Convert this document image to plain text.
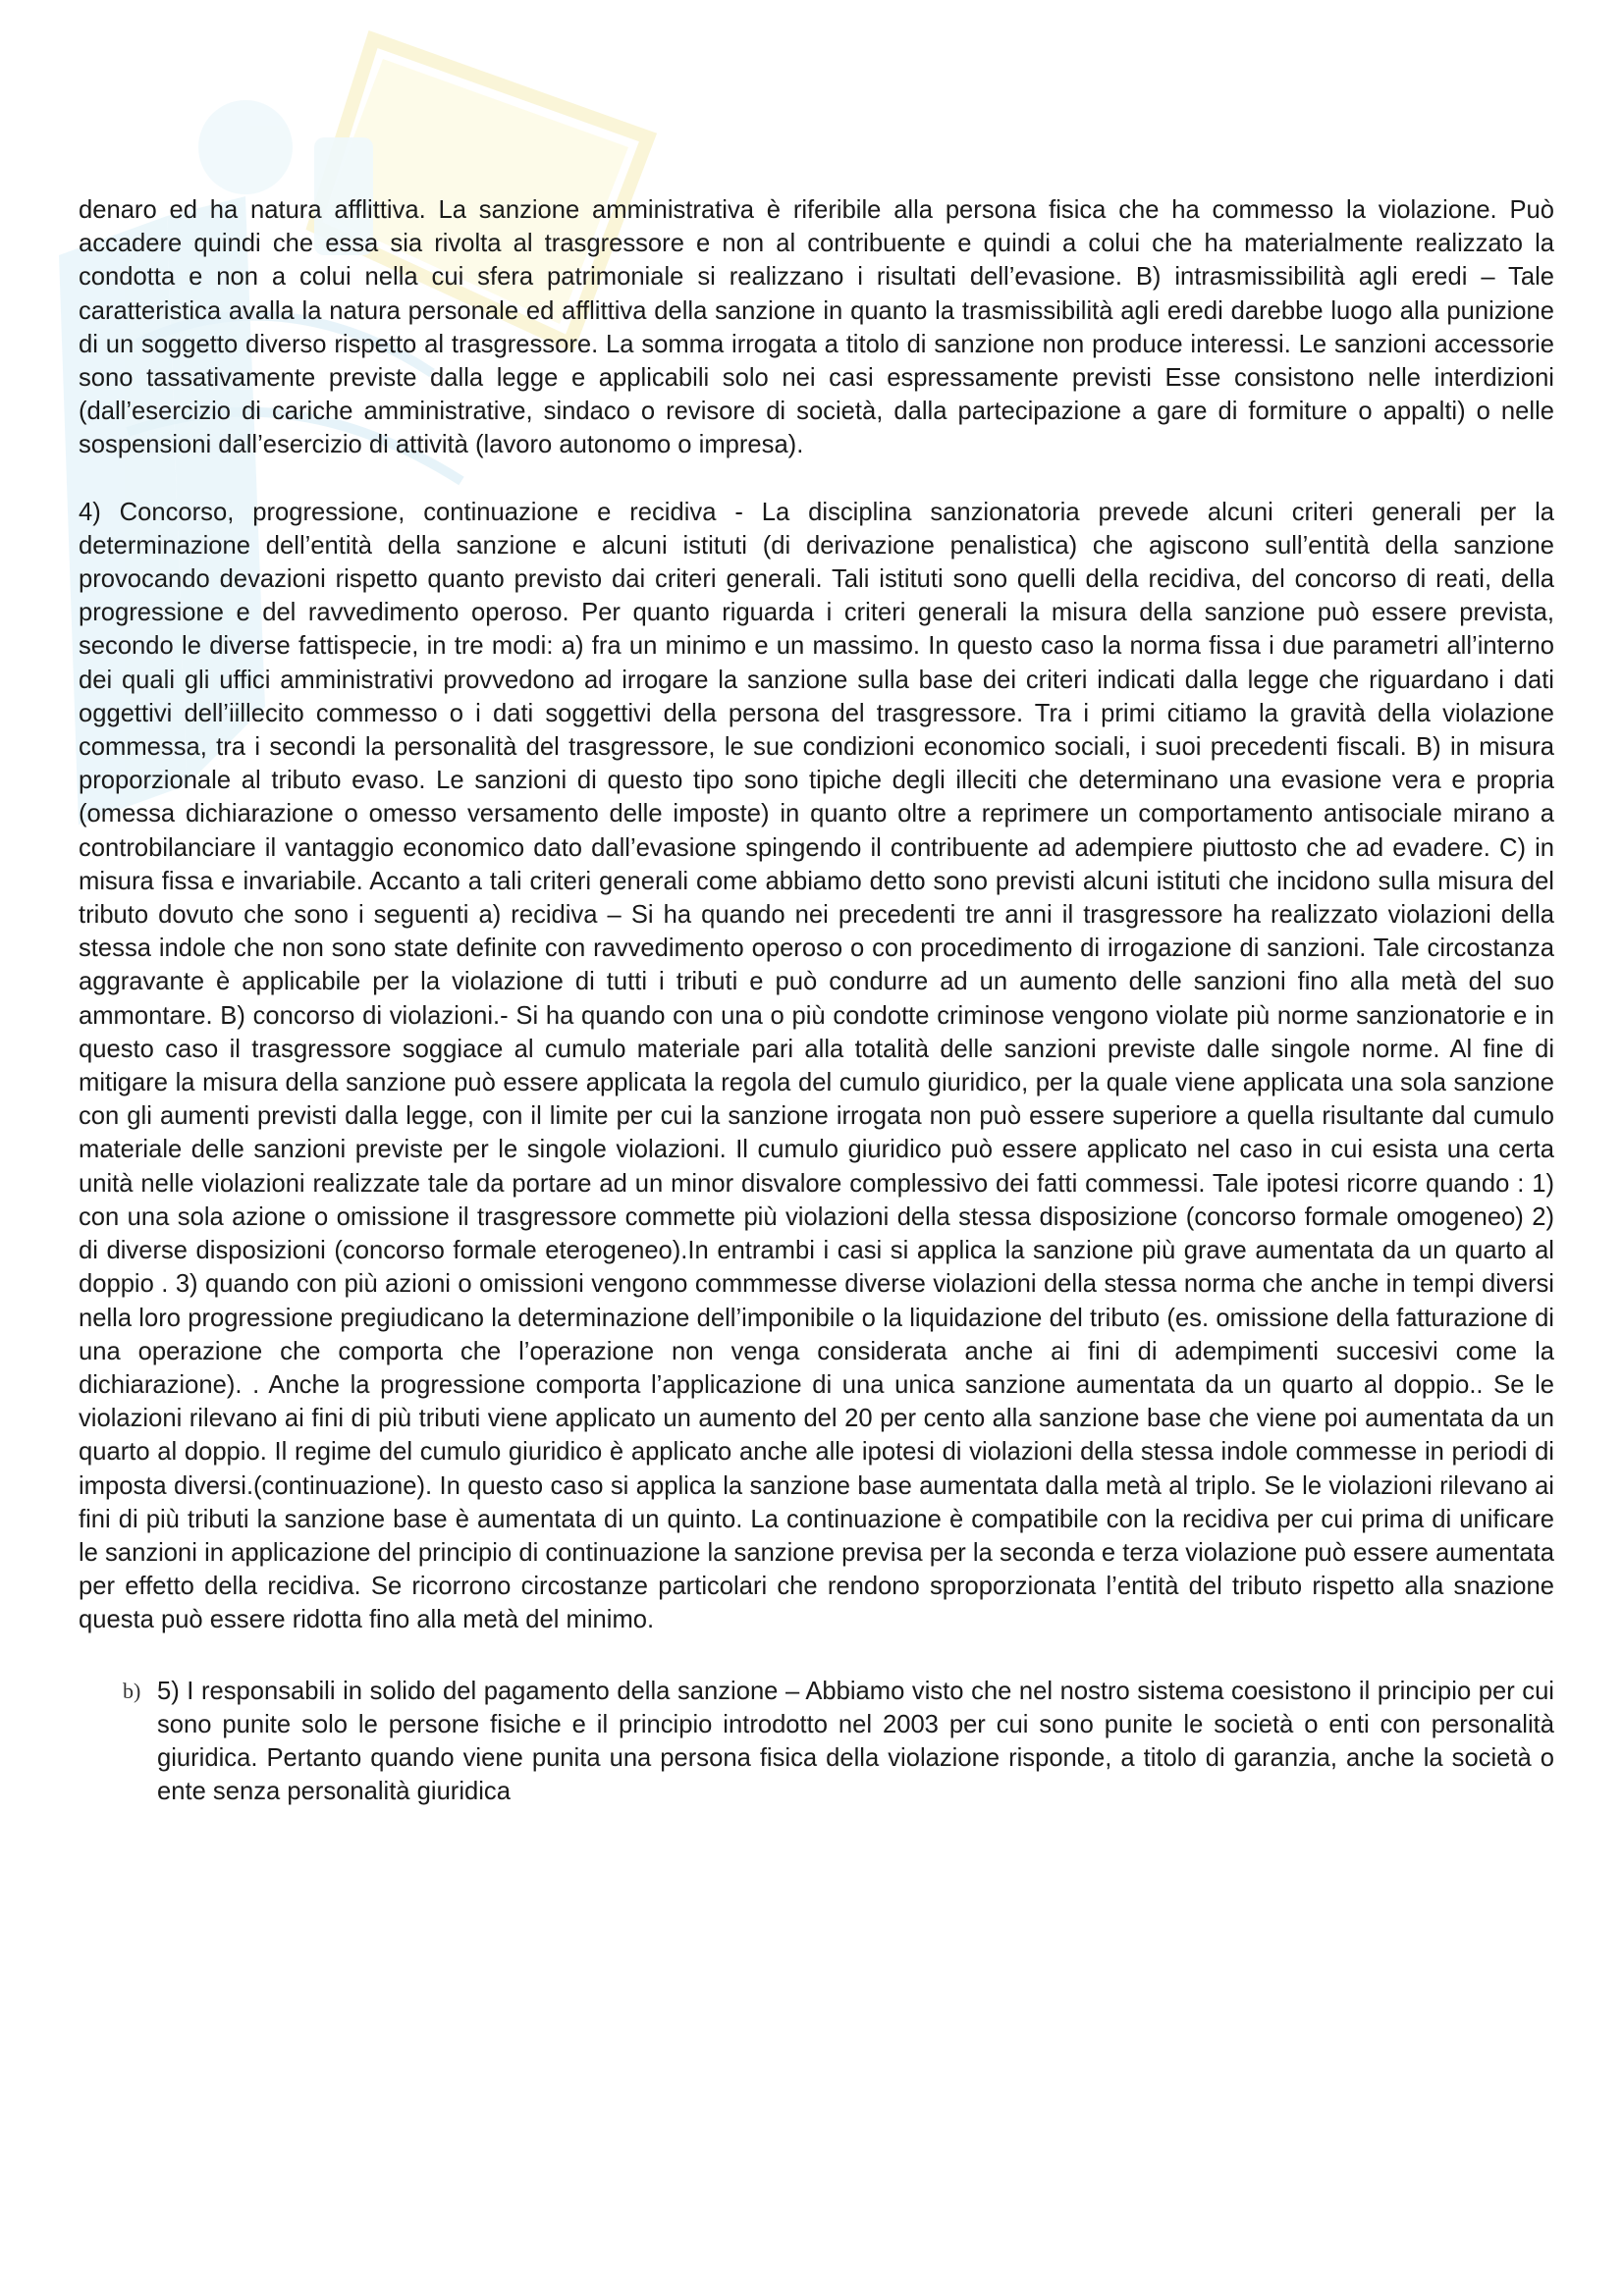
denaro ed ha natura afflittiva. La sanzione amministrativa è riferibile alla persona fisica che ha commesso la violazione. Può accadere quindi che essa sia rivolta al trasgressore e non al contribuente e quindi a colui che ha materialmente realizzato la condotta e non a colui nella cui sfera patrimoniale si realizzano i risultati dell’evasione. B) intrasmissibilità agli eredi – Tale caratteristica avalla la natura personale ed afflittiva della sanzione in quanto la trasmissibilità agli eredi darebbe luogo alla punizione di un soggetto diverso rispetto al trasgressore. La somma irrogata a titolo di sanzione non produce interessi. Le sanzioni accessorie sono tassativamente previste dalla legge e applicabili solo nei casi espressamente previsti Esse consistono nelle interdizioni (dall’esercizio di cariche amministrative, sindaco o revisore di società, dalla partecipazione a gare di formiture o appalti) o nelle sospensioni dall’esercizio di attività (lavoro autonomo o impresa).

4) Concorso, progressione, continuazione e recidiva - La disciplina sanzionatoria prevede alcuni criteri generali per la determinazione dell’entità della sanzione e alcuni istituti (di derivazione penalistica) che agiscono sull’entità della sanzione provocando devazioni rispetto quanto previsto dai criteri generali. Tali istituti sono quelli della recidiva, del concorso di reati, della progressione e del ravvedimento operoso. Per quanto riguarda i criteri generali la misura della sanzione può essere prevista, secondo le diverse fattispecie, in tre modi: a) fra un minimo e un massimo. In questo caso la norma fissa i due parametri all’interno dei quali gli uffici amministrativi provvedono ad irrogare la sanzione sulla base dei criteri indicati dalla legge che riguardano i dati oggettivi dell’iillecito commesso o i dati soggettivi della persona del trasgressore. Tra i primi citiamo la gravità della violazione commessa, tra i secondi la personalità del trasgressore, le sue condizioni economico sociali, i suoi precedenti fiscali. B) in misura proporzionale al tributo evaso. Le sanzioni di questo tipo sono tipiche degli illeciti che determinano una evasione vera e propria (omessa dichiarazione o omesso versamento delle imposte) in quanto oltre a reprimere un comportamento antisociale mirano a controbilanciare il vantaggio economico dato dall’evasione spingendo il contribuente ad adempiere piuttosto che ad evadere. C) in misura fissa e invariabile. Accanto a tali criteri generali come abbiamo detto sono previsti alcuni istituti che incidono sulla misura del tributo dovuto che sono i seguenti a) recidiva – Si ha quando nei precedenti tre anni il trasgressore ha realizzato violazioni della stessa indole che non sono state definite con ravvedimento operoso o con procedimento di irrogazione di sanzioni. Tale circostanza aggravante è applicabile per la violazione di tutti i tributi e può condurre ad un aumento delle sanzioni fino alla metà del suo ammontare. B) concorso di violazioni.- Si ha quando con una o più condotte criminose vengono violate più norme sanzionatorie e in questo caso il trasgressore soggiace al cumulo materiale pari alla totalità delle sanzioni previste dalle singole norme. Al fine di mitigare la misura della sanzione può essere applicata la regola del cumulo giuridico, per la quale viene applicata una sola sanzione con gli aumenti previsti dalla legge, con il limite per cui la sanzione irrogata non può essere superiore a quella risultante dal cumulo materiale delle sanzioni previste per le singole violazioni. Il cumulo giuridico può essere applicato nel caso in cui esista una certa unità nelle violazioni realizzate tale da portare ad un minor disvalore complessivo dei fatti commessi. Tale ipotesi ricorre quando : 1) con una sola azione o omissione il trasgressore commette più violazioni della stessa disposizione (concorso formale omogeneo) 2) di diverse disposizioni (concorso formale eterogeneo).In entrambi i casi si applica la sanzione più grave aumentata da un quarto al doppio . 3) quando con più azioni o omissioni vengono commmesse diverse violazioni della stessa norma che anche in tempi diversi nella loro progressione pregiudicano la determinazione dell’imponibile o la liquidazione del tributo (es. omissione della fatturazione di una operazione che comporta che l’operazione non venga considerata anche ai fini di adempimenti succesivi come la dichiarazione). . Anche la progressione comporta l’applicazione di una unica sanzione aumentata da un quarto al doppio.. Se le violazioni rilevano ai fini di più tributi viene applicato un aumento del 20 per cento alla sanzione base che viene poi aumentata da un quarto al doppio. Il regime del cumulo giuridico è applicato anche alle ipotesi di violazioni della stessa indole commesse in periodi di imposta diversi.(continuazione). In questo caso si applica la sanzione base aumentata dalla metà al triplo. Se le violazioni rilevano ai fini di più tributi la sanzione base è aumentata di un quinto. La continuazione è compatibile con la recidiva per cui prima di unificare le sanzioni in applicazione del principio di continuazione la sanzione previsa per la seconda e terza violazione può essere aumentata per effetto della recidiva. Se ricorrono circostanze particolari che rendono sproporzionata l’entità del tributo rispetto alla snazione questa può essere ridotta fino alla metà del minimo.

b) 5) I responsabili in solido del pagamento della sanzione – Abbiamo visto che nel nostro sistema coesistono il principio per cui sono punite solo le persone fisiche e il principio introdotto nel 2003 per cui sono punite le società o enti con personalità giuridica. Pertanto quando viene punita una persona fisica della violazione risponde, a titolo di garanzia, anche la società o ente senza personalità giuridica
